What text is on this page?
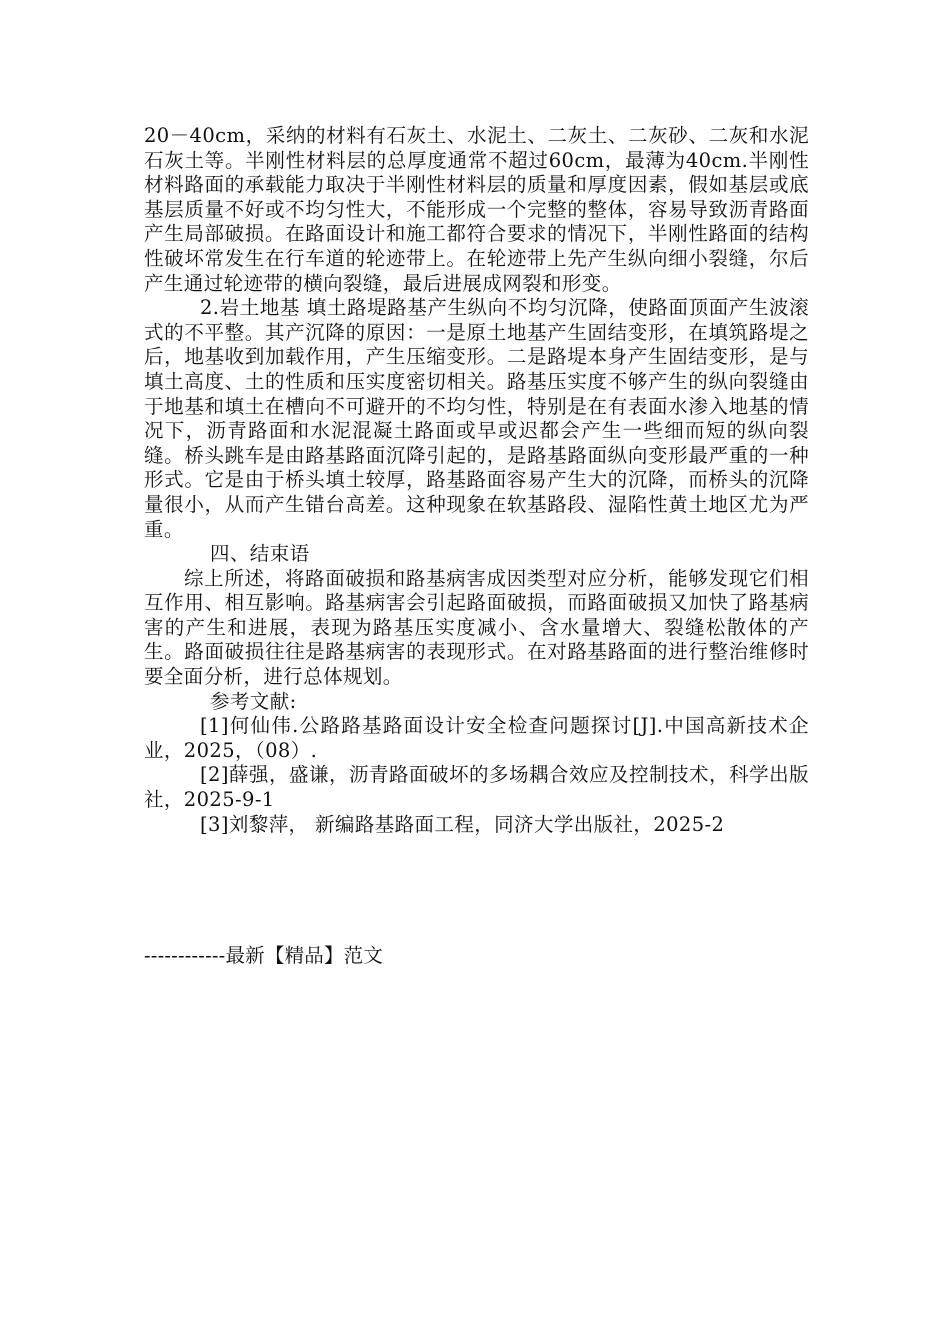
20－40cm，采纳的材料有石灰土、水泥土、二灰土、二灰砂、二灰和水泥石灰土等。半刚性材料层的总厚度通常不超过60cm，最薄为40cm.半刚性材料路面的承载能力取决于半刚性材料层的质量和厚度因素，假如基层或底基层质量不好或不均匀性大，不能形成一个完整的整体，容易导致沥青路面产生局部破损。在路面设计和施工都符合要求的情况下，半刚性路面的结构性破坏常发生在行车道的轮迹带上。在轮迹带上先产生纵向细小裂缝，尔后产生通过轮迹带的横向裂缝，最后进展成网裂和形变。

2.岩土地基 填土路堤路基产生纵向不均匀沉降，使路面顶面产生波滚式的不平整。其产沉降的原因：一是原土地基产生固结变形，在填筑路堤之后，地基收到加载作用，产生压缩变形。二是路堤本身产生固结变形，是与填土高度、土的性质和压实度密切相关。路基压实度不够产生的纵向裂缝由于地基和填土在槽向不可避开的不均匀性，特别是在有表面水渗入地基的情况下，沥青路面和水泥混凝土路面或早或迟都会产生一些细而短的纵向裂缝。桥头跳车是由路基路面沉降引起的，是路基路面纵向变形最严重的一种形式。它是由于桥头填土较厚，路基路面容易产生大的沉降，而桥头的沉降量很小，从而产生错台高差。这种现象在软基路段、湿陷性黄土地区尤为严重。

四、结束语

综上所述，将路面破损和路基病害成因类型对应分析，能够发现它们相互作用、相互影响。路基病害会引起路面破损，而路面破损又加快了路基病害的产生和进展，表现为路基压实度减小、含水量增大、裂缝松散体的产生。路面破损往往是路基病害的表现形式。在对路基路面的进行整治维修时要全面分析，进行总体规划。

参考文献:

[1]何仙伟.公路路基路面设计安全检查问题探讨[J].中国高新技术企业，2025，（08）.

[2]薛强，盛谦，沥青路面破坏的多场耦合效应及控制技术，科学出版社，2025-9-1

[3]刘黎萍， 新编路基路面工程，同济大学出版社，2025-2

------------最新【精品】范文
